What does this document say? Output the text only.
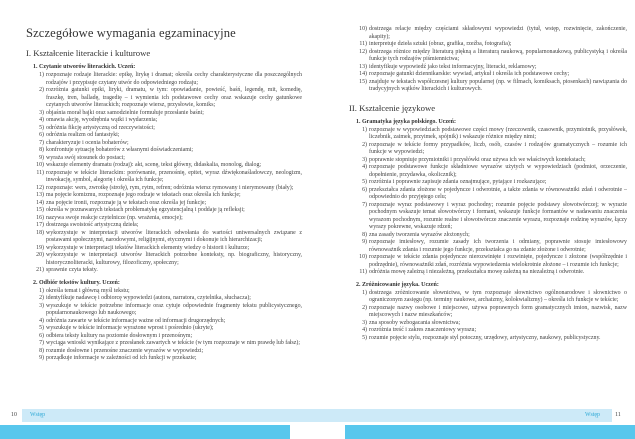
Szczegółowe wymagania egzaminacyjne
I. Kształcenie literackie i kulturowe
1. Czytanie utworów literackich. Uczeń:
1) rozpoznaje rodzaje literackie: epikę, lirykę i dramat; określa cechy charakterystyczne dla poszczególnych rodzajów i przypisuje czytany utwór do odpowiedniego rodzaju;
2) rozróżnia gatunki epiki, liryki, dramatu, w tym: opowiadanie, powieść, baśń, legendę, mit, komedię, fraszkę, tren, balladę, tragedię – i wymienia ich podstawowe cechy oraz wskazuje cechy gatunkowe czytanych utworów literackich; rozpoznaje wiersz, przysłowie, komiks;
3) objaśnia morał bajki oraz samodzielnie formułuje przesłanie baśni;
4) omawia akcję, wyodrębnia wątki i wydarzenia;
5) odróżnia fikcję artystyczną od rzeczywistości;
6) odróżnia realizm od fantastyki;
7) charakteryzuje i ocenia bohaterów;
8) konfrontuje sytuację bohaterów z własnymi doświadczeniami;
9) wyraża swój stosunek do postaci;
10) wskazuje elementy dramatu (rodzaj): akt, scenę, tekst główny, didaskalia, monolog, dialog;
11) rozpoznaje w tekście literackim: porównanie, przenośnię, epitet, wyraz dźwiękonaśladowczy, neologizm, inwokację, symbol, alegorię i określa ich funkcje;
12) rozpoznaje: wers, zwrotkę (strofę), rym, rytm, refren; odróżnia wiersz rymowany i nierymowany (biały);
13) ma pojęcie komizmu, rozpoznaje jego rodzaje w tekstach oraz określa ich funkcje;
14) zna pojęcie ironii, rozpoznaje ją w tekstach oraz określa jej funkcje;
15) określa w poznawanych tekstach problematykę egzystencjalną i poddaje ją refleksji;
16) nazywa swoje reakcje czytelnicze (np. wrażenia, emocje);
17) dostrzega swoistość artystyczną dzieła;
18) wykorzystuje w interpretacji utworów literackich odwołania do wartości uniwersalnych związane z postawami społecznymi, narodowymi, religijnymi, etycznymi i dokonuje ich hierarchizacji;
19) wykorzystuje w interpretacji tekstów literackich elementy wiedzy o historii i kulturze;
20) wykorzystuje w interpretacji utworów literackich potrzebne konteksty, np. biograficzny, historyczny, historycznoliteracki, kulturowy, filozoficzny, społeczny;
21) sprawnie czyta teksty.
2. Odbiór tekstów kultury. Uczeń:
1) określa temat i główną myśl tekstu;
2) identyfikuje nadawcę i odbiorcę wypowiedzi (autora, narratora, czytelnika, słuchacza);
3) wyszukuje w tekście potrzebne informacje oraz cytuje odpowiednie fragmenty tekstu publicystycznego, popularnonaukowego lub naukowego;
4) odróżnia zawarte w tekście informacje ważne od informacji drugorzędnych;
5) wyszukuje w tekście informacje wyrażone wprost i pośrednio (ukryte);
6) odbiera teksty kultury na poziomie dosłownym i przenośnym;
7) wyciąga wnioski wynikające z przesłanek zawartych w tekście (w tym rozpoznaje w nim prawdę lub fałsz);
8) rozumie dosłowne i przenośne znaczenie wyrazów w wypowiedzi;
9) porządkuje informacje w zależności od ich funkcji w przekazie;
10) dostrzega relacje między częściami składowymi wypowiedzi (tytuł, wstęp, rozwinięcie, zakończenie, akapity);
11) interpretuje dzieła sztuki (obraz, grafika, rzeźba, fotografia);
12) dostrzega różnice między literaturą piękną a literaturą naukową, popularnonaukową, publicystyką i określa funkcje tych rodzajów piśmiennictwa;
13) identyfikuje wypowiedź jako tekst informacyjny, literacki, reklamowy;
14) rozpoznaje gatunki dziennikarskie: wywiad, artykuł i określa ich podstawowe cechy;
15) znajduje w tekstach współczesnej kultury popularnej (np. w filmach, komiksach, piosenkach) nawiązania do tradycyjnych wątków literackich i kulturowych.
II. Kształcenie językowe
1. Gramatyka języka polskiego. Uczeń:
1) rozpoznaje w wypowiedziach podstawowe części mowy (rzeczownik, czasownik, przymiotnik, przysłówek, liczebnik, zaimek, przyimek, spójnik) i wskazuje różnice między nimi;
2) rozpoznaje w tekście formy przypadków, liczb, osób, czasów i rodzajów gramatycznych – rozumie ich funkcje w wypowiedzi;
3) poprawnie stopniuje przymiotniki i przysłówki oraz używa ich we właściwych kontekstach;
4) rozpoznaje podstawowe funkcje składniowe wyrazów użytych w wypowiedziach (podmiot, orzeczenie, dopełnienie, przydawka, okolicznik);
5) rozróżnia i poprawnie zapisuje zdania oznajmujące, pytające i rozkazujące;
6) przekształca zdania złożone w pojedyncze i odwrotnie, a także zdania w równoważniki zdań i odwrotnie – odpowiednio do przyjętego celu;
7) rozpoznaje wyraz podstawowy i wyraz pochodny; rozumie pojęcie podstawy słowotwórczej; w wyrazie pochodnym wskazuje temat słowotwórczy i formant, wskazuje funkcje formantów w nadawaniu znaczenia wyrazom pochodnym, rozumie realne i słowotwórcze znaczenie wyrazu, rozpoznaje rodzinę wyrazów, łączy wyrazy pokrewne, wskazuje rdzeń;
8) zna zasady tworzenia wyrazów złożonych;
9) rozpoznaje imiesłowy, rozumie zasady ich tworzenia i odmiany, poprawnie stosuje imiesłowowy równoważnik zdania i rozumie jego funkcje, przekształca go na zdanie złożone i odwrotnie;
10) rozpoznaje w tekście zdania pojedyncze nierozwinięte i rozwinięte, pojedyncze i złożone (współrzędnie i podrzędnie), równoważniki zdań, rozróżnia wypowiedzenia wielokrotnie złożone – i rozumie ich funkcje;
11) odróżnia mowę zależną i niezależną, przekształca mowę zależną na niezależną i odwrotnie.
2. Zróżnicowanie języka. Uczeń:
1) dostrzega zróżnicowanie słownictwa, w tym rozpoznaje słownictwo ogólnonarodowe i słownictwo o ograniczonym zasięgu (np. terminy naukowe, archaizmy, kolokwializmy) – określa ich funkcje w tekście;
2) rozpoznaje nazwy osobowe i miejscowe, używa poprawnych form gramatycznych imion, nazwisk, nazw miejscowych i nazw mieszkańców;
3) zna sposoby wzbogacania słownictwa;
4) rozróżnia treść i zakres znaczeniowy wyrazu;
5) rozumie pojęcie stylu, rozpoznaje styl potoczny, urzędowy, artystyczny, naukowy, publicystyczny.
10	Wstęp	Wstęp	11
